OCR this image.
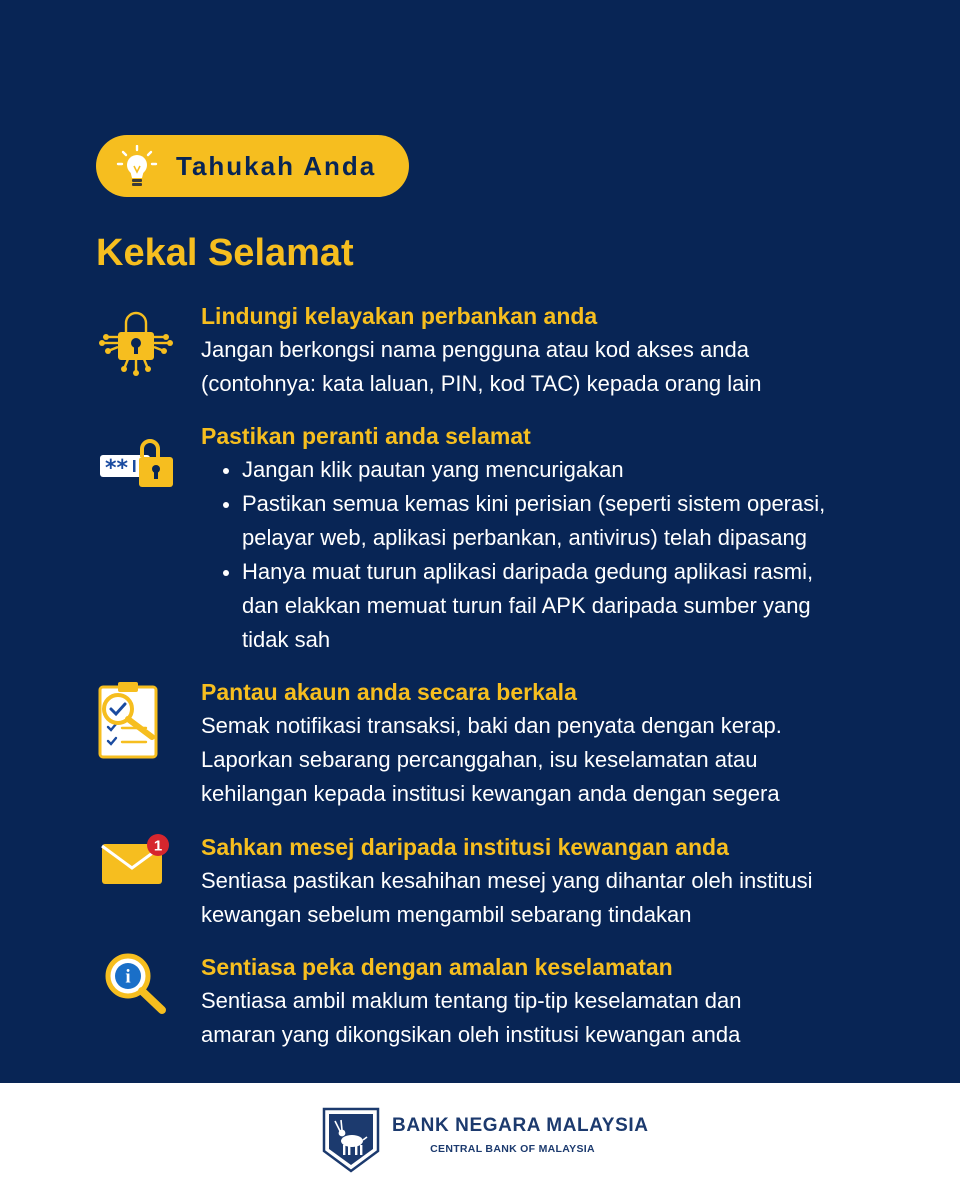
Tahukah Anda
Kekal Selamat
Lindungi kelayakan perbankan anda
Jangan berkongsi nama pengguna atau kod akses anda
(contohnya: kata laluan, PIN, kod TAC) kepada orang lain
**
Pastikan peranti anda selamat
Jangan klik pautan yang mencurigakan
Pastikan semua kemas kini perisian (seperti sistem operasi,
pelayar web, aplikasi perbankan, antivirus) telah dipasang
Hanya muat turun aplikasi daripada gedung aplikasi rasmi,
dan elakkan memuat turun fail APK daripada sumber yang
tidak sah
Pantau akaun anda secara berkala
Semak notifikasi transaksi, baki dan penyata dengan kerap.
Laporkan sebarang percanggahan, isu keselamatan atau
kehilangan kepada institusi kewangan anda dengan segera
1 Sahkan mesej daripada institusi kewangan anda
Sentiasa pastikan kesahihan mesej yang dihantar oleh institusi
kewangan sebelum mengambil sebarang tindakan
i	Sentiasa peka dengan amalan keselamatan
Sentiasa ambil maklum tentang tip-tip keselamatan dan
amaran yang dikongsikan oleh institusi kewangan anda
BANK NEGARA MALAYSIA
CENTRAL BANK OF MALAYSIA
